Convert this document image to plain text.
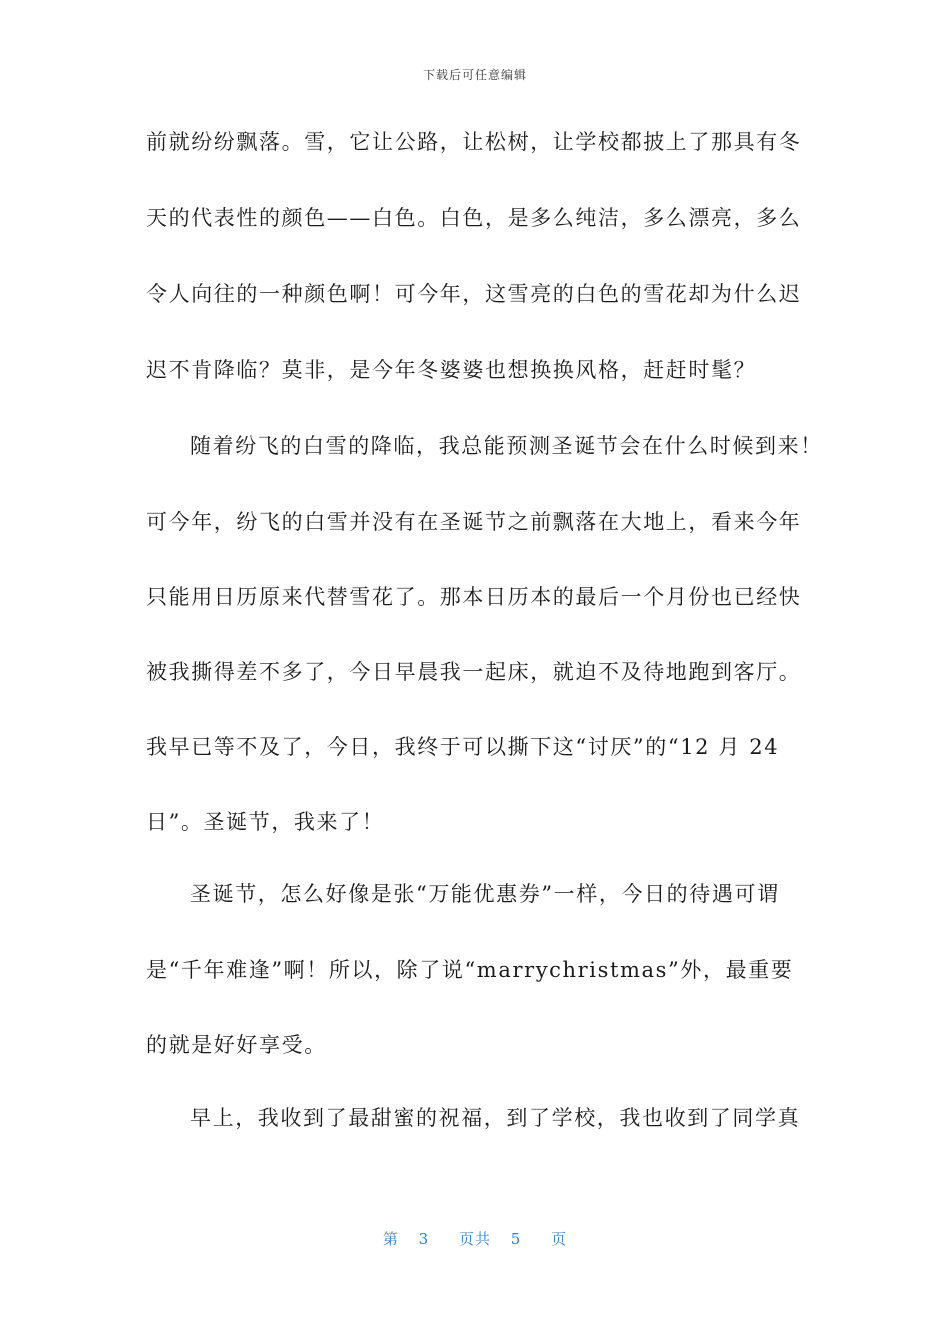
下载后可任意编辑
前就纷纷飘落。雪，它让公路，让松树，让学校都披上了那具有冬
天的代表性的颜色——白色。白色，是多么纯洁，多么漂亮，多么
令人向往的一种颜色啊！可今年，这雪亮的白色的雪花却为什么迟
迟不肯降临？莫非，是今年冬婆婆也想换换风格，赶赶时髦？
随着纷飞的白雪的降临，我总能预测圣诞节会在什么时候到来！
可今年，纷飞的白雪并没有在圣诞节之前飘落在大地上，看来今年
只能用日历原来代替雪花了。那本日历本的最后一个月份也已经快
被我撕得差不多了，今日早晨我一起床，就迫不及待地跑到客厅。
我早已等不及了，今日，我终于可以撕下这“讨厌”的“12 月 24
日”。圣诞节，我来了！
圣诞节，怎么好像是张“万能优惠券”一样，今日的待遇可谓
是“千年难逢”啊！所以，除了说“marrychristmas”外，最重要
的就是好好享受。
早上，我收到了最甜蜜的祝福，到了学校，我也收到了同学真
第 3 页共 5 页
